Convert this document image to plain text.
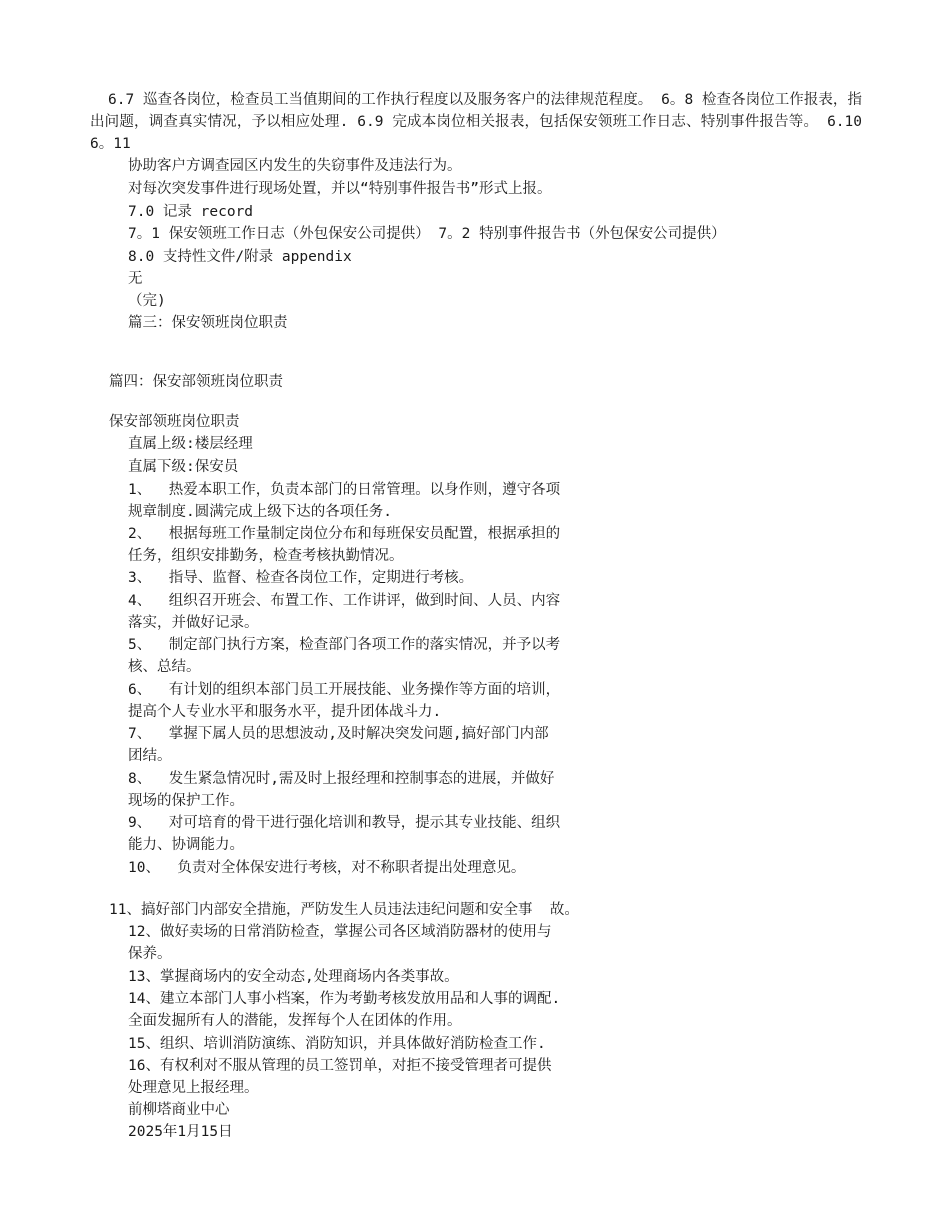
6.7 巡查各岗位，检查员工当值期间的工作执行程度以及服务客户的法律规范程度。 6。8 检查各岗位工作报表，指出问题，调查真实情况，予以相应处理. 6.9 完成本岗位相关报表，包括保安领班工作日志、特别事件报告等。 6.10 6。11
协助客户方调查园区内发生的失窃事件及违法行为。
对每次突发事件进行现场处置，并以“特别事件报告书”形式上报。
7.0 记录 record
7。1 保安领班工作日志（外包保安公司提供） 7。2 特别事件报告书（外包保安公司提供）
8.0 支持性文件/附录 appendix
无
（完)
篇三：保安领班岗位职责
篇四：保安部领班岗位职责
保安部领班岗位职责
直属上级:楼层经理
直属下级:保安员
1、  热爱本职工作，负责本部门的日常管理。以身作则，遵守各项
规章制度.圆满完成上级下达的各项任务.
2、  根据每班工作量制定岗位分布和每班保安员配置，根据承担的
任务，组织安排勤务，检查考核执勤情况。
3、  指导、监督、检查各岗位工作，定期进行考核。
4、  组织召开班会、布置工作、工作讲评，做到时间、人员、内容
落实，并做好记录。
5、  制定部门执行方案，检查部门各项工作的落实情况，并予以考
核、总结。
6、  有计划的组织本部门员工开展技能、业务操作等方面的培训，
提高个人专业水平和服务水平，提升团体战斗力.
7、  掌握下属人员的思想波动,及时解决突发问题,搞好部门内部
团结。
8、  发生紧急情况时,需及时上报经理和控制事态的进展，并做好
现场的保护工作。
9、  对可培育的骨干进行强化培训和教导，提示其专业技能、组织
能力、协调能力。
10、  负责对全体保安进行考核，对不称职者提出处理意见。
11、搞好部门内部安全措施，严防发生人员违法违纪问题和安全事  故。
12、做好卖场的日常消防检查，掌握公司各区域消防器材的使用与
保养。
13、掌握商场内的安全动态,处理商场内各类事故。
14、建立本部门人事小档案，作为考勤考核发放用品和人事的调配.
全面发掘所有人的潜能，发挥每个人在团体的作用。
15、组织、培训消防演练、消防知识，并具体做好消防检查工作.
16、有权利对不服从管理的员工签罚单，对拒不接受管理者可提供
处理意见上报经理。
前柳塔商业中心
2025年1月15日
